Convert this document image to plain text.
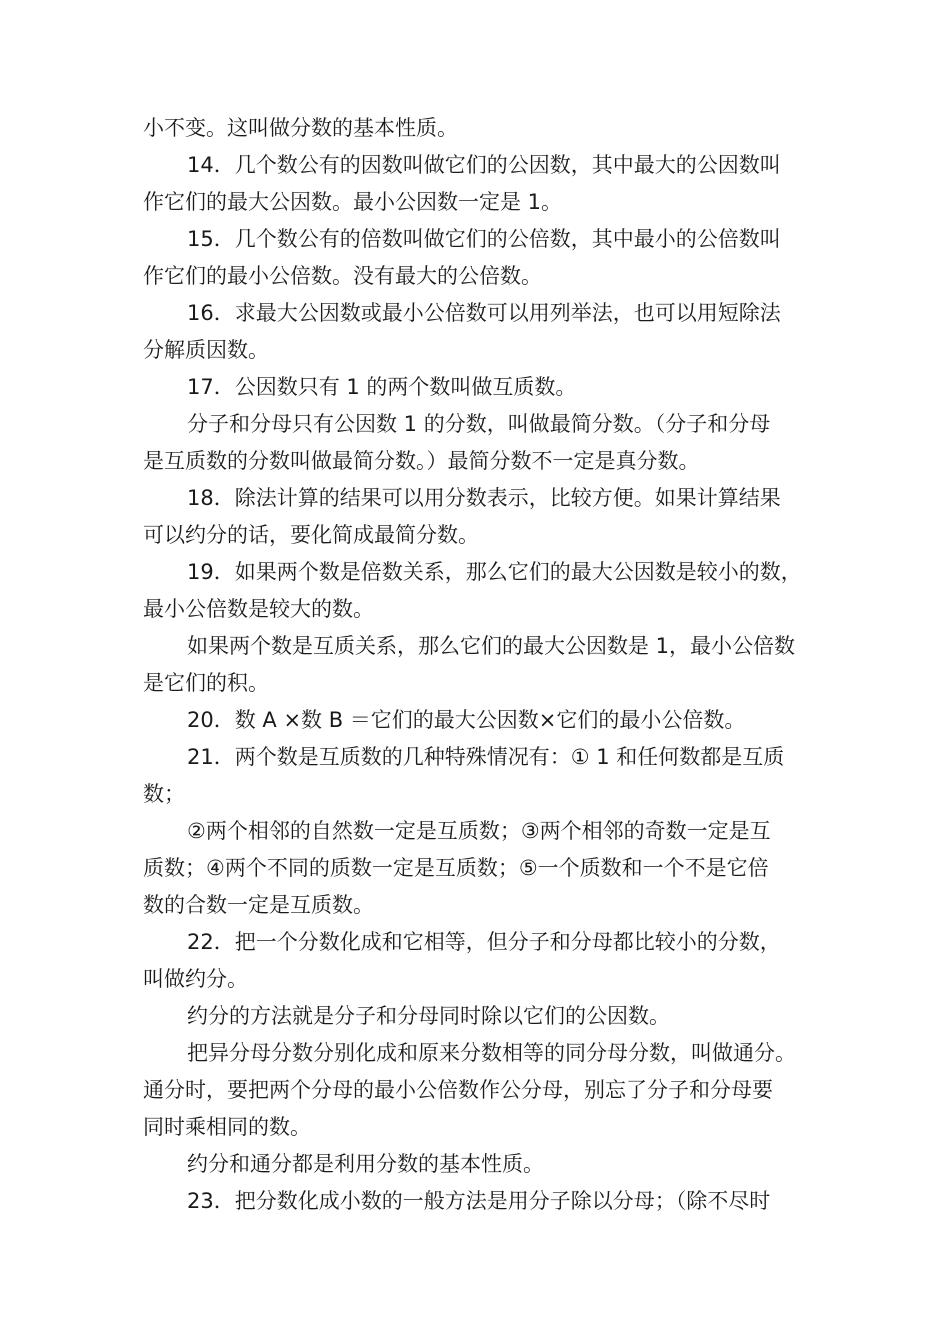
小不变。这叫做分数的基本性质。
14．几个数公有的因数叫做它们的公因数，其中最大的公因数叫
作它们的最大公因数。最小公因数一定是 1。
15．几个数公有的倍数叫做它们的公倍数，其中最小的公倍数叫
作它们的最小公倍数。没有最大的公倍数。
16．求最大公因数或最小公倍数可以用列举法，也可以用短除法
分解质因数。
17．公因数只有 1 的两个数叫做互质数。
分子和分母只有公因数 1 的分数，叫做最简分数。（分子和分母
是互质数的分数叫做最简分数。）最简分数不一定是真分数。
18．除法计算的结果可以用分数表示，比较方便。如果计算结果
可以约分的话，要化简成最简分数。
19．如果两个数是倍数关系，那么它们的最大公因数是较小的数，
最小公倍数是较大的数。
如果两个数是互质关系，那么它们的最大公因数是 1，最小公倍数
是它们的积。
20．数 A ×数 B ＝它们的最大公因数×它们的最小公倍数。
21．两个数是互质数的几种特殊情况有：① 1 和任何数都是互质
数；
②两个相邻的自然数一定是互质数；③两个相邻的奇数一定是互
质数；④两个不同的质数一定是互质数；⑤一个质数和一个不是它倍
数的合数一定是互质数。
22．把一个分数化成和它相等，但分子和分母都比较小的分数，
叫做约分。
约分的方法就是分子和分母同时除以它们的公因数。
把异分母分数分别化成和原来分数相等的同分母分数，叫做通分。
通分时，要把两个分母的最小公倍数作公分母，别忘了分子和分母要
同时乘相同的数。
约分和通分都是利用分数的基本性质。
23．把分数化成小数的一般方法是用分子除以分母；（除不尽时
